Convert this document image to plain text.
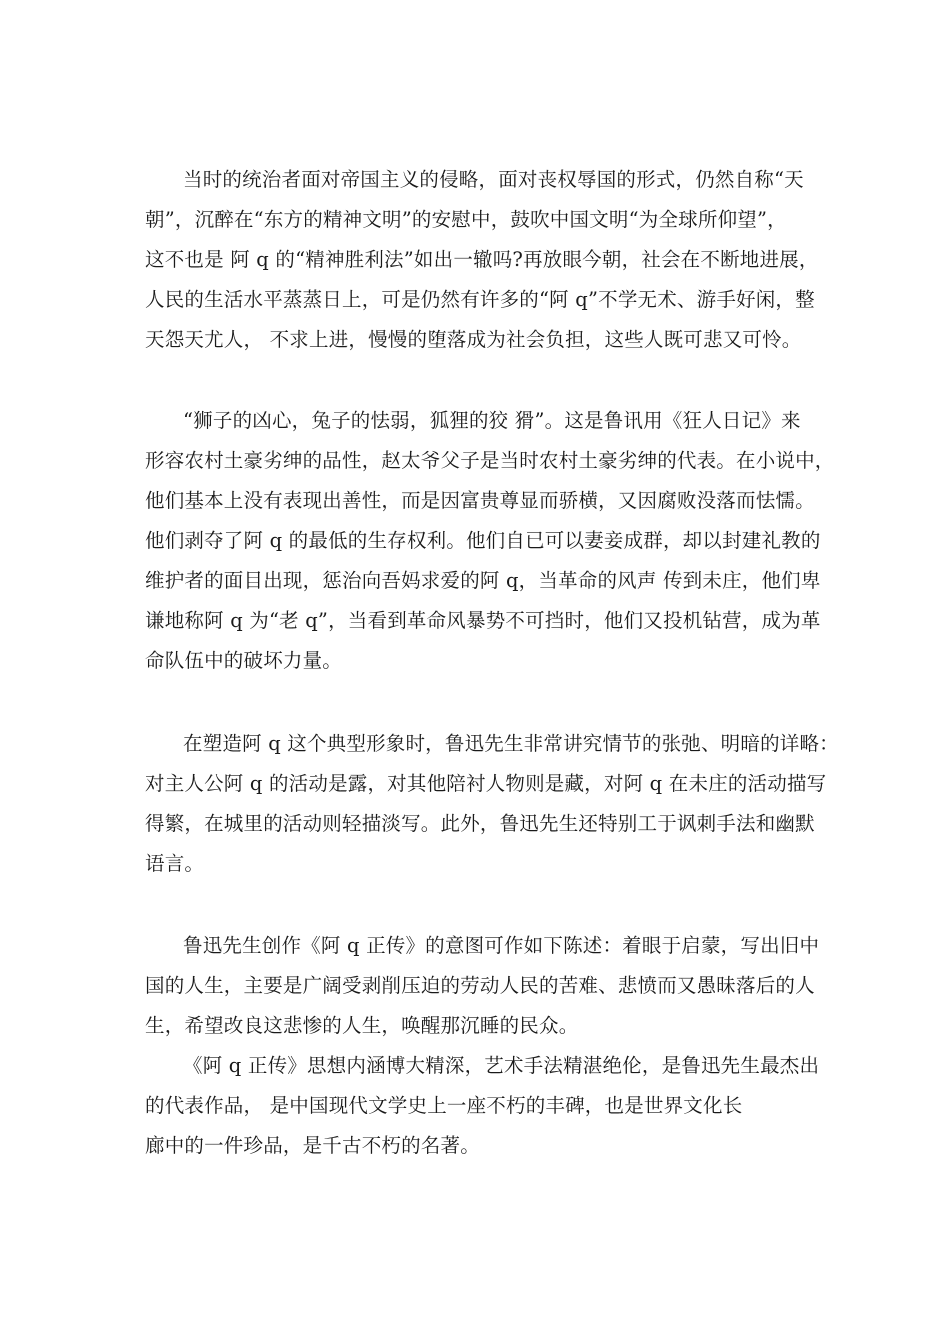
当时的统治者面对帝国主义的侵略，面对丧权辱国的形式，仍然自称“天
朝”，沉醉在“东方的精神文明”的安慰中，鼓吹中国文明“为全球所仰望”，
这不也是 阿 q 的“精神胜利法”如出一辙吗?再放眼今朝，社会在不断地进展，
人民的生活水平蒸蒸日上，可是仍然有许多的“阿 q”不学无术、游手好闲，整
天怨天尤人， 不求上进，慢慢的堕落成为社会负担，这些人既可悲又可怜。
“狮子的凶心，兔子的怯弱，狐狸的狡 猾”。这是鲁讯用《狂人日记》来
形容农村土豪劣绅的品性，赵太爷父子是当时农村土豪劣绅的代表。在小说中，
他们基本上没有表现出善性，而是因富贵尊显而骄横，又因腐败没落而怯懦。
他们剥夺了阿 q 的最低的生存权利。他们自已可以妻妾成群，却以封建礼教的
维护者的面目出现，惩治向吾妈求爱的阿 q，当革命的风声 传到未庄，他们卑
谦地称阿 q 为“老 q”，当看到革命风暴势不可挡时，他们又投机钻营，成为革
命队伍中的破坏力量。
在塑造阿 q 这个典型形象时，鲁迅先生非常讲究情节的张弛、明暗的详略：
对主人公阿 q 的活动是露，对其他陪衬人物则是藏，对阿 q 在未庄的活动描写
得繁，在城里的活动则轻描淡写。此外，鲁迅先生还特别工于讽刺手法和幽默
语言。
鲁迅先生创作《阿 q 正传》的意图可作如下陈述：着眼于启蒙，写出旧中
国的人生，主要是广阔受剥削压迫的劳动人民的苦难、悲愤而又愚昧落后的人
生，希望改良这悲惨的人生，唤醒那沉睡的民众。
《阿 q 正传》思想内涵博大精深，艺术手法精湛绝伦，是鲁迅先生最杰出
的代表作品， 是中国现代文学史上一座不朽的丰碑，也是世界文化长
廊中的一件珍品，是千古不朽的名著。
